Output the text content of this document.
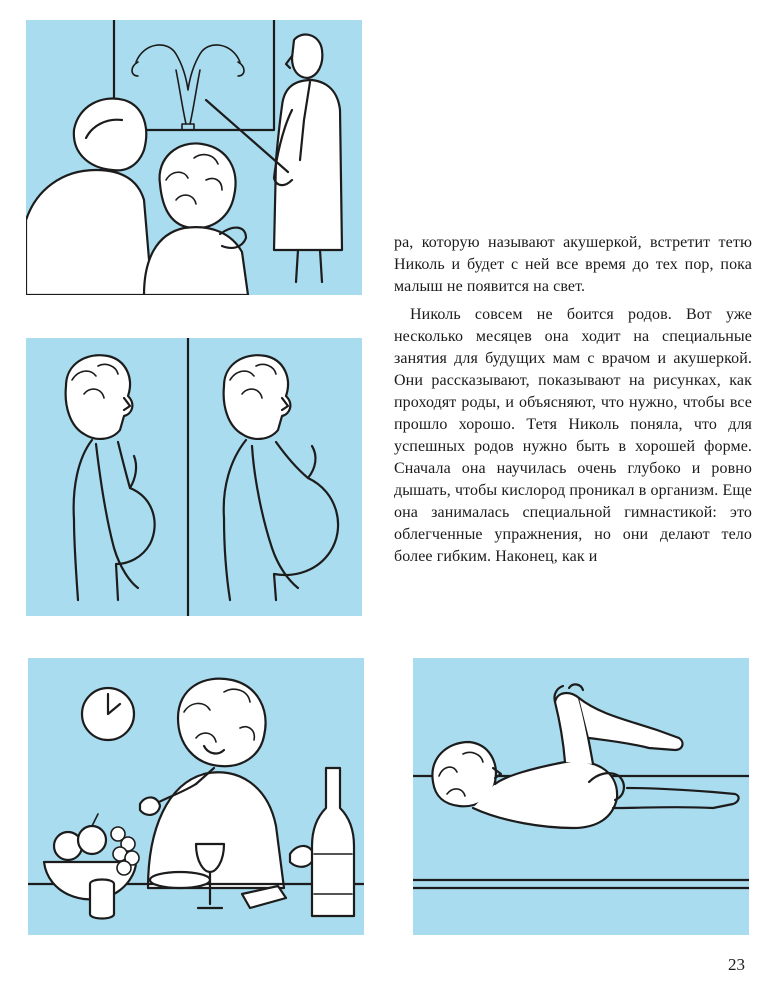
ра, которую называют акушеркой, встретит тетю Николь и будет с ней все время до тех пор, пока малыш не появится на свет.

Николь совсем не боится родов. Вот уже несколько месяцев она ходит на специальные занятия для будущих мам с врачом и акушеркой. Они рассказывают, показывают на рисунках, как проходят роды, и объясняют, что нужно, чтобы все прошло хорошо. Тетя Николь поняла, что для успешных родов нужно быть в хорошей форме. Сначала она научилась очень глубоко и ровно дышать, чтобы кислород проникал в организм. Еще она занималась специальной гимнастикой: это облегченные упражнения, но они делают тело более гибким. Наконец, как и

23
